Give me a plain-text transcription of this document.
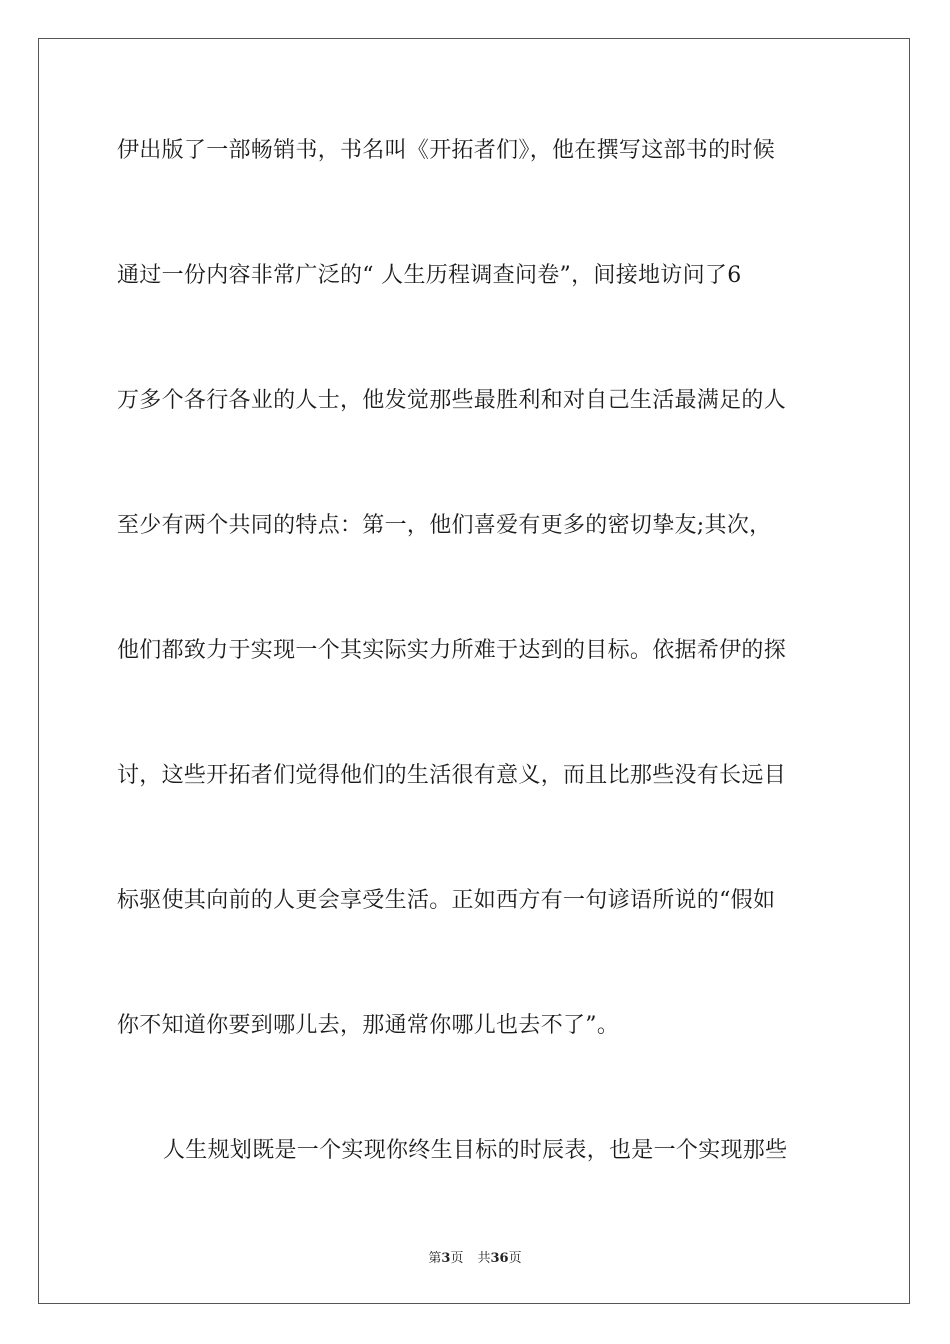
伊出版了一部畅销书，书名叫《开拓者们》，他在撰写这部书的时候
通过一份内容非常广泛的“ 人生历程调查问卷”，间接地访问了6
万多个各行各业的人士，他发觉那些最胜利和对自己生活最满足的人
至少有两个共同的特点：第一，他们喜爱有更多的密切挚友;其次，
他们都致力于实现一个其实际实力所难于达到的目标。依据希伊的探
讨，这些开拓者们觉得他们的生活很有意义，而且比那些没有长远目
标驱使其向前的人更会享受生活。正如西方有一句谚语所说的“假如
你不知道你要到哪儿去，那通常你哪儿也去不了”。
人生规划既是一个实现你终生目标的时辰表，也是一个实现那些
第3页 共36页
